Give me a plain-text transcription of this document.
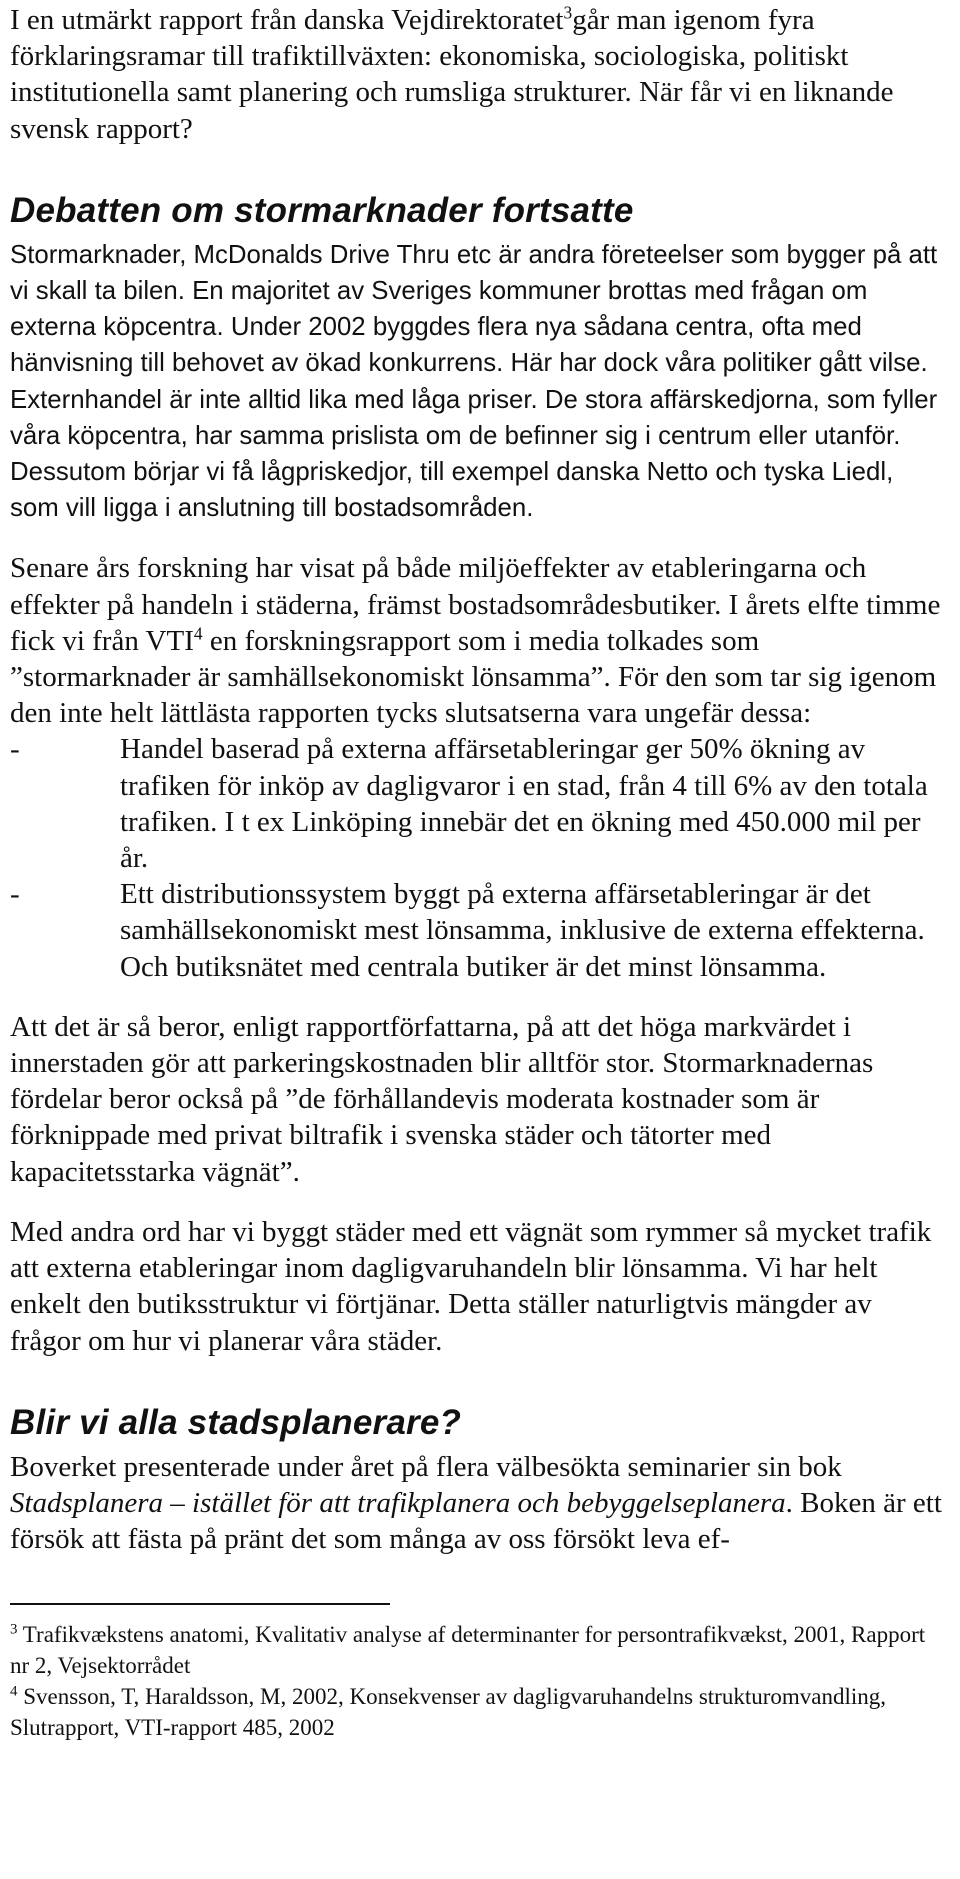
I en utmärkt rapport från danska Vejdirektoratet$^3$går man igenom fyra förklaringsramar till trafiktillväxten: ekonomiska, sociologiska, politiskt institutionella samt planering och rumsliga strukturer. När får vi en liknande svensk rapport?

Debatten om stormarknader fortsatte

Stormarknader, McDonalds Drive Thru etc är andra företeelser som bygger på att vi skall ta bilen. En majoritet av Sveriges kommuner brottas med frågan om externa köpcentra. Under 2002 byggdes flera nya sådana centra, ofta med hänvisning till behovet av ökad konkurrens. Här har dock våra politiker gått vilse. Externhandel är inte alltid lika med låga priser. De stora affärskedjorna, som fyller våra köpcentra, har samma prislista om de befinner sig i centrum eller utanför. Dessutom börjar vi få lågpriskedjor, till exempel danska Netto och tyska Liedl, som vill ligga i anslutning till bostadsområden.

Senare års forskning har visat på både miljöeffekter av etableringarna och effekter på handeln i städerna, främst bostadsområdesbutiker. I årets elfte timme fick vi från VTI$^4$ en forskningsrapport som i media tolkades som ”stormarknader är samhällsekonomiskt lönsamma”. För den som tar sig igenom den inte helt lättlästa rapporten tycks slutsatserna vara ungefär dessa:

-	Handel baserad på externa affärsetableringar ger 50% ökning av trafiken för inköp av dagligvaror i en stad, från 4 till 6% av den totala trafiken. I t ex Linköping innebär det en ökning med 450.000 mil per år.
-	Ett distributionssystem byggt på externa affärsetableringar är det samhällsekonomiskt mest lönsamma, inklusive de externa effekterna. Och butiksnätet med centrala butiker är det minst lönsamma.

Att det är så beror, enligt rapportförfattarna, på att det höga markvärdet i innerstaden gör att parkeringskostnaden blir alltför stor. Stormarknadernas fördelar beror också på ”de förhållandevis moderata kostnader som är förknippade med privat biltrafik i svenska städer och tätorter med kapacitetsstarka vägnät”.

Med andra ord har vi byggt städer med ett vägnät som rymmer så mycket trafik att externa etableringar inom dagligvaruhandeln blir lönsamma. Vi har helt enkelt den butiksstruktur vi förtjänar. Detta ställer naturligtvis mängder av frågor om hur vi planerar våra städer.

Blir vi alla stadsplanerare?

Boverket presenterade under året på flera välbesökta seminarier sin bok Stadsplanera – istället för att trafikplanera och bebyggelseplanera. Boken är ett försök att fästa på pränt det som många av oss försökt leva ef-

$^3$ Trafikvækstens anatomi, Kvalitativ analyse af determinanter for persontrafikvækst, 2001, Rapport nr 2, Vejsektorrådet

$^4$ Svensson, T, Haraldsson, M, 2002, Konsekvenser av dagligvaruhandelns strukturomvandling, Slutrapport, VTI-rapport 485, 2002
